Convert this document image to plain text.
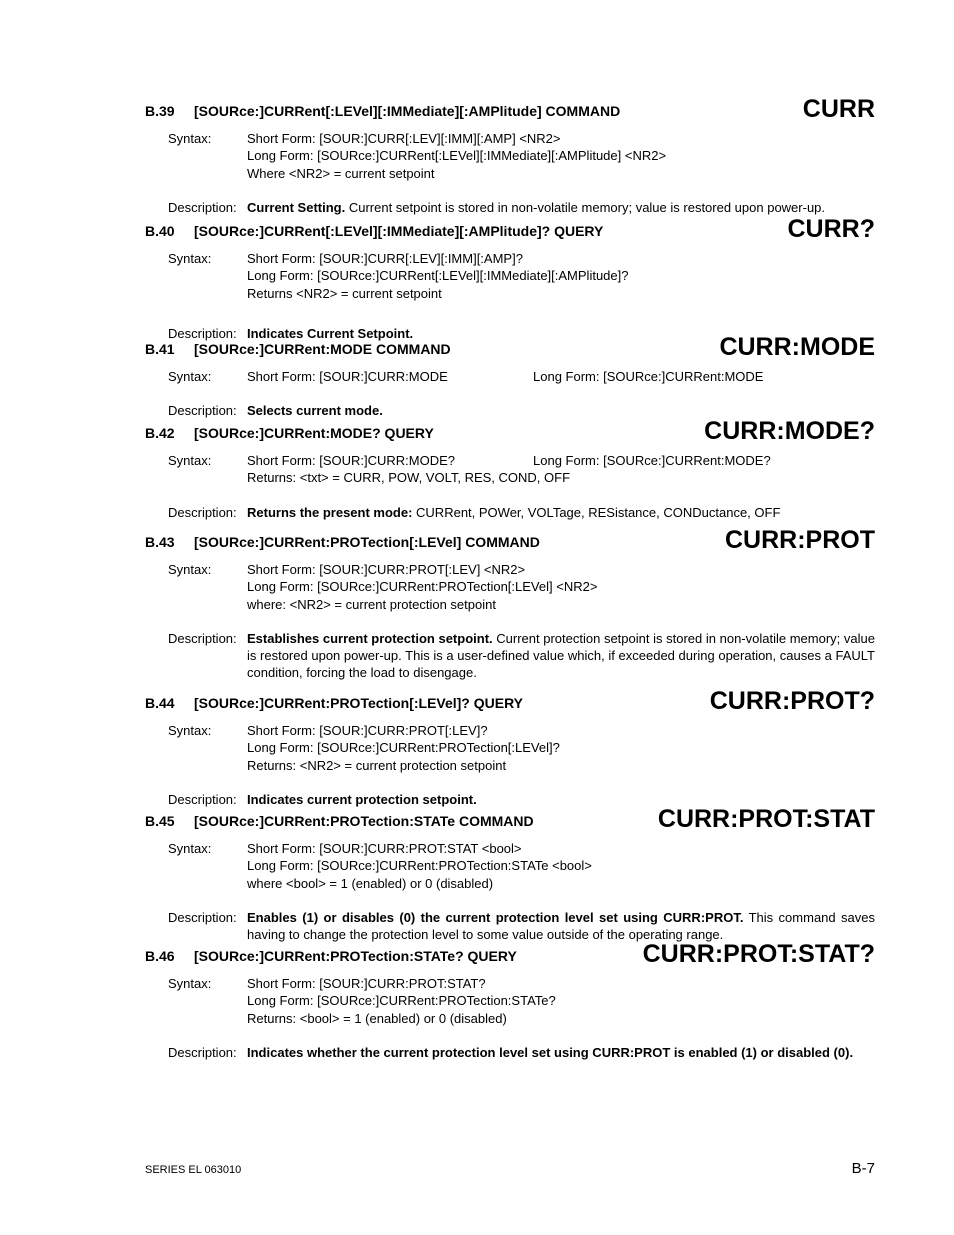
B.39 [SOURce:]CURRent[:LEVel][:IMMediate][:AMPlitude] COMMAND	CURR
Syntax:	Short Form: [SOUR:]CURR[:LEV][:IMM][:AMP] <NR2>
Long Form: [SOURce:]CURRent[:LEVel][:IMMediate][:AMPlitude] <NR2>
Where <NR2> = current setpoint
Description: Current Setting. Current setpoint is stored in non-volatile memory; value is restored upon power-up.
B.40 [SOURce:]CURRent[:LEVel][:IMMediate][:AMPlitude]? QUERY	CURR?
Syntax:	Short Form: [SOUR:]CURR[:LEV][:IMM][:AMP]?
Long Form: [SOURce:]CURRent[:LEVel][:IMMediate][:AMPlitude]?
Returns <NR2> = current setpoint
Description: Indicates Current Setpoint.
B.41 [SOURce:]CURRent:MODE COMMAND	CURR:MODE
Syntax:	Long Form: [SOURce:]CURRent:MODE
Short Form: [SOUR:]CURR:MODE
Description: Selects current mode.
B.42 [SOURce:]CURRent:MODE? QUERY	CURR:MODE?
Syntax:	Long Form: [SOURce:]CURRent:MODE?
Short Form: [SOUR:]CURR:MODE?
Returns: <txt> = CURR, POW, VOLT, RES, COND, OFF
Description: Returns the present mode: CURRent, POWer, VOLTage, RESistance, CONDuctance, OFF
B.43 [SOURce:]CURRent:PROTection[:LEVel] COMMAND	CURR:PROT
Syntax:	Short Form: [SOUR:]CURR:PROT[:LEV] <NR2>
Long Form: [SOURce:]CURRent:PROTection[:LEVel] <NR2>
where: <NR2> = current protection setpoint
Description: Establishes current protection setpoint. Current protection setpoint is stored in non-volatile memory; value is restored upon power-up. This is a user-defined value which, if exceeded during operation, causes a FAULT condition, forcing the load to disengage.
B.44 [SOURce:]CURRent:PROTection[:LEVel]? QUERY	CURR:PROT?
Syntax:	Short Form: [SOUR:]CURR:PROT[:LEV]?
Long Form: [SOURce:]CURRent:PROTection[:LEVel]?
Returns: <NR2> = current protection setpoint
Description: Indicates current protection setpoint.
B.45 [SOURce:]CURRent:PROTection:STATe COMMAND	CURR:PROT:STAT
Syntax:	Short Form: [SOUR:]CURR:PROT:STAT <bool>
Long Form: [SOURce:]CURRent:PROTection:STATe <bool>
where <bool> = 1 (enabled) or 0 (disabled)
Description: Enables (1) or disables (0) the current protection level set using CURR:PROT. This command saves having to change the protection level to some value outside of the operating range.
B.46 [SOURce:]CURRent:PROTection:STATe? QUERY	CURR:PROT:STAT?
Syntax:	Short Form: [SOUR:]CURR:PROT:STAT?
Long Form: [SOURce:]CURRent:PROTection:STATe?
Returns: <bool> = 1 (enabled) or 0 (disabled)
Description: Indicates whether the current protection level set using CURR:PROT is enabled (1) or disabled (0).
SERIES EL 063010	B-7
